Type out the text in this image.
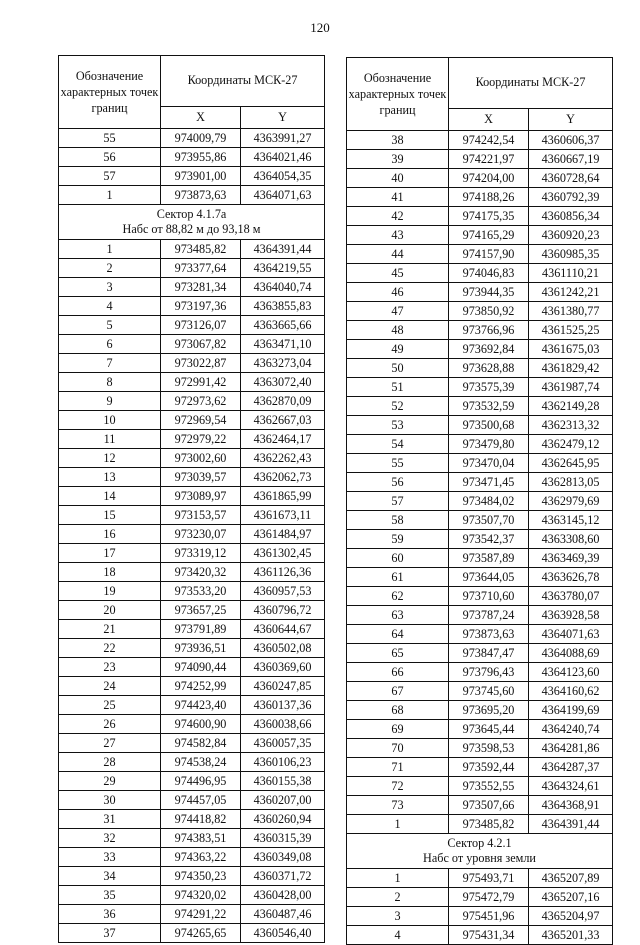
120
Обозначение характерных точек границ	Координаты МСК-27	
	X	Y
55	974009,79	4363991,27
56	973955,86	4364021,46
57	973901,00	4364054,35
1	973873,63	4364071,63
Сектор 4.1.7а
Набс от 88,82 м до 93,18 м		
1	973485,82	4364391,44
2	973377,64	4364219,55
3	973281,34	4364040,74
4	973197,36	4363855,83
5	973126,07	4363665,66
6	973067,82	4363471,10
7	973022,87	4363273,04
8	972991,42	4363072,40
9	972973,62	4362870,09
10	972969,54	4362667,03
11	972979,22	4362464,17
12	973002,60	4362262,43
13	973039,57	4362062,73
14	973089,97	4361865,99
15	973153,57	4361673,11
16	973230,07	4361484,97
17	973319,12	4361302,45
18	973420,32	4361126,36
19	973533,20	4360957,53
20	973657,25	4360796,72
21	973791,89	4360644,67
22	973936,51	4360502,08
23	974090,44	4360369,60
24	974252,99	4360247,85
25	974423,40	4360137,36
26	974600,90	4360038,66
27	974582,84	4360057,35
28	974538,24	4360106,23
29	974496,95	4360155,38
30	974457,05	4360207,00
31	974418,82	4360260,94
32	974383,51	4360315,39
33	974363,22	4360349,08
34	974350,23	4360371,72
35	974320,02	4360428,00
36	974291,22	4360487,46
37	974265,65	4360546,40
Обозначение характерных точек границ	Координаты МСК-27	
	X	Y
38	974242,54	4360606,37
39	974221,97	4360667,19
40	974204,00	4360728,64
41	974188,26	4360792,39
42	974175,35	4360856,34
43	974165,29	4360920,23
44	974157,90	4360985,35
45	974046,83	4361110,21
46	973944,35	4361242,21
47	973850,92	4361380,77
48	973766,96	4361525,25
49	973692,84	4361675,03
50	973628,88	4361829,42
51	973575,39	4361987,74
52	973532,59	4362149,28
53	973500,68	4362313,32
54	973479,80	4362479,12
55	973470,04	4362645,95
56	973471,45	4362813,05
57	973484,02	4362979,69
58	973507,70	4363145,12
59	973542,37	4363308,60
60	973587,89	4363469,39
61	973644,05	4363626,78
62	973710,60	4363780,07
63	973787,24	4363928,58
64	973873,63	4364071,63
65	973847,47	4364088,69
66	973796,43	4364123,60
67	973745,60	4364160,62
68	973695,20	4364199,69
69	973645,44	4364240,74
70	973598,53	4364281,86
71	973592,44	4364287,37
72	973552,55	4364324,61
73	973507,66	4364368,91
1	973485,82	4364391,44
Сектор 4.2.1
Набс от уровня земли		
1	975493,71	4365207,89
2	975472,79	4365207,16
3	975451,96	4365204,97
4	975431,34	4365201,33
